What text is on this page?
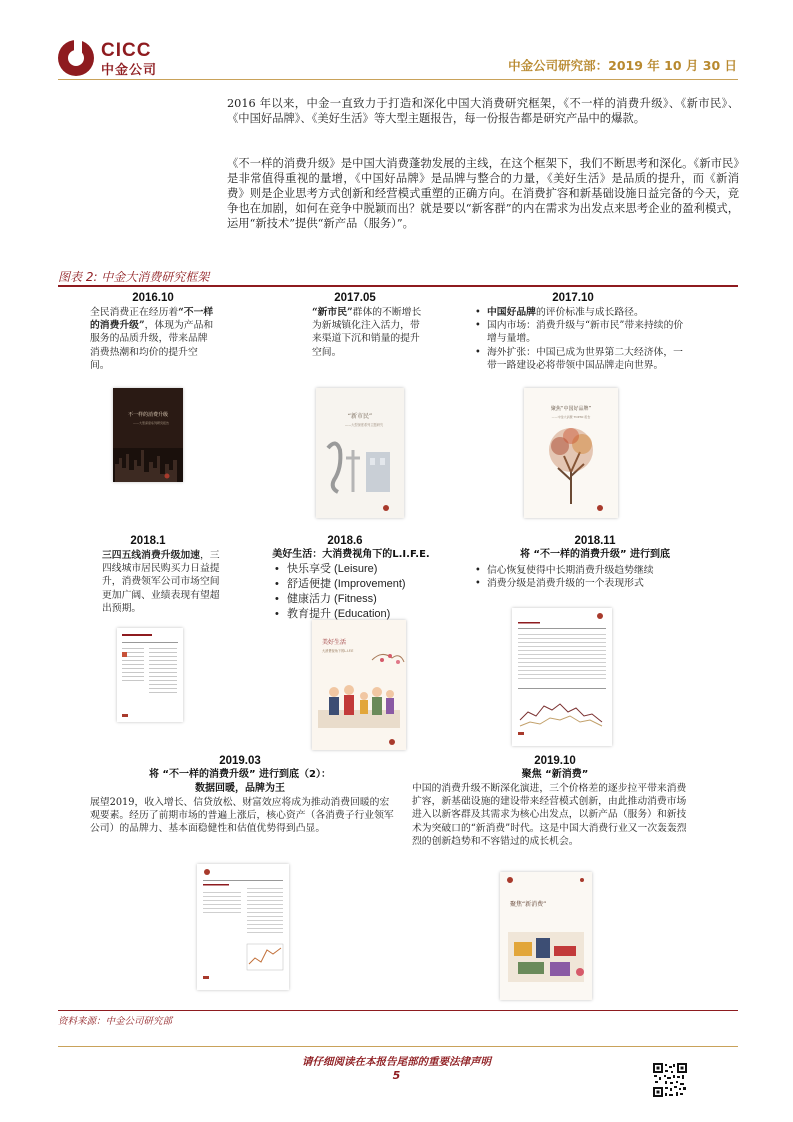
CICC
中金公司	中金公司研究部：2019 年 10 月 30 日
2016 年以来，中金一直致力于打造和深化中国大消费研究框架，《不一样的消费升级》、《新市民》、《中国好品牌》、《美好生活》等大型主题报告，每一份报告都是研究产品中的爆款。
《不一样的消费升级》是中国大消费蓬勃发展的主线，在这个框架下，我们不断思考和深化。《新市民》是非常值得重视的量增，《中国好品牌》是品牌与整合的力量，《美好生活》是品质的提升，而《新消费》则是企业思考方式创新和经营模式重塑的正确方向。在消费扩容和新基础设施日益完备的今天，竞争也在加剧，如何在竞争中脱颖而出？就是要以“新客群”的内在需求为出发点来思考企业的盈利模式，运用“新技术”提供“新产品（服务）”。
图表 2: 中金大消费研究框架
2016.10
全民消费正在经历着“不一样的消费升级”，体现为产品和服务的品质升级，带来品牌消费热潮和均价的提升空间。
不一样的消费升级
——大型深度系列研究报告
2017.05
“新市民”群体的不断增长为新城镇化注入活力，带来渠道下沉和销量的提升空间。
“新市民”
——大型深度系列主题研究
2017.10
• 中国好品牌的评价标准与成长路径。
• 国内市场：消费升级与“新市民”带来持续的价增与量增。
• 海外扩张：中国已成为世界第二大经济体，一带一路建设必将带领中国品牌走向世界。
聚焦“中国好品牌”
——中金大消费 TOP30 报告
2018.1
三四五线消费升级加速，三四线城市居民购买力日益提升，消费领军公司市场空间更加广阔、业绩表现有望超出预期。
2018.6
美好生活：大消费视角下的L.I.F.E.
• 快乐享受 (Leisure)
• 舒适便捷 (Improvement)
• 健康活力 (Fitness)
• 教育提升 (Education)
美好生活
大消费视角下的L.I.F.E
2018.11
将 “不一样的消费升级” 进行到底
• 信心恢复使得中长期消费升级趋势继续
• 消费分级是消费升级的一个表现形式
2019.03
将 “不一样的消费升级” 进行到底（2）：
数据回暖，品牌为王
展望2019，收入增长、信贷放松、财富效应将成为推动消费回暖的宏观要素。经历了前期市场的普遍上涨后，核心资产（各消费子行业领军公司）的品牌力、基本面稳健性和估值优势得到凸显。
2019.10
聚焦 “新消费”
中国的消费升级不断深化演进，三个价格差的逐步拉平带来消费扩容，新基础设施的建设带来经营模式创新，由此推动消费市场进入以新客群及其需求为核心出发点，以新产品（服务）和新技术为突破口的“新消费”时代。这是中国大消费行业又一次轰轰烈烈的创新趋势和不容错过的成长机会。
聚焦“新消费”
资料来源：中金公司研究部
请仔细阅读在本报告尾部的重要法律声明
5
